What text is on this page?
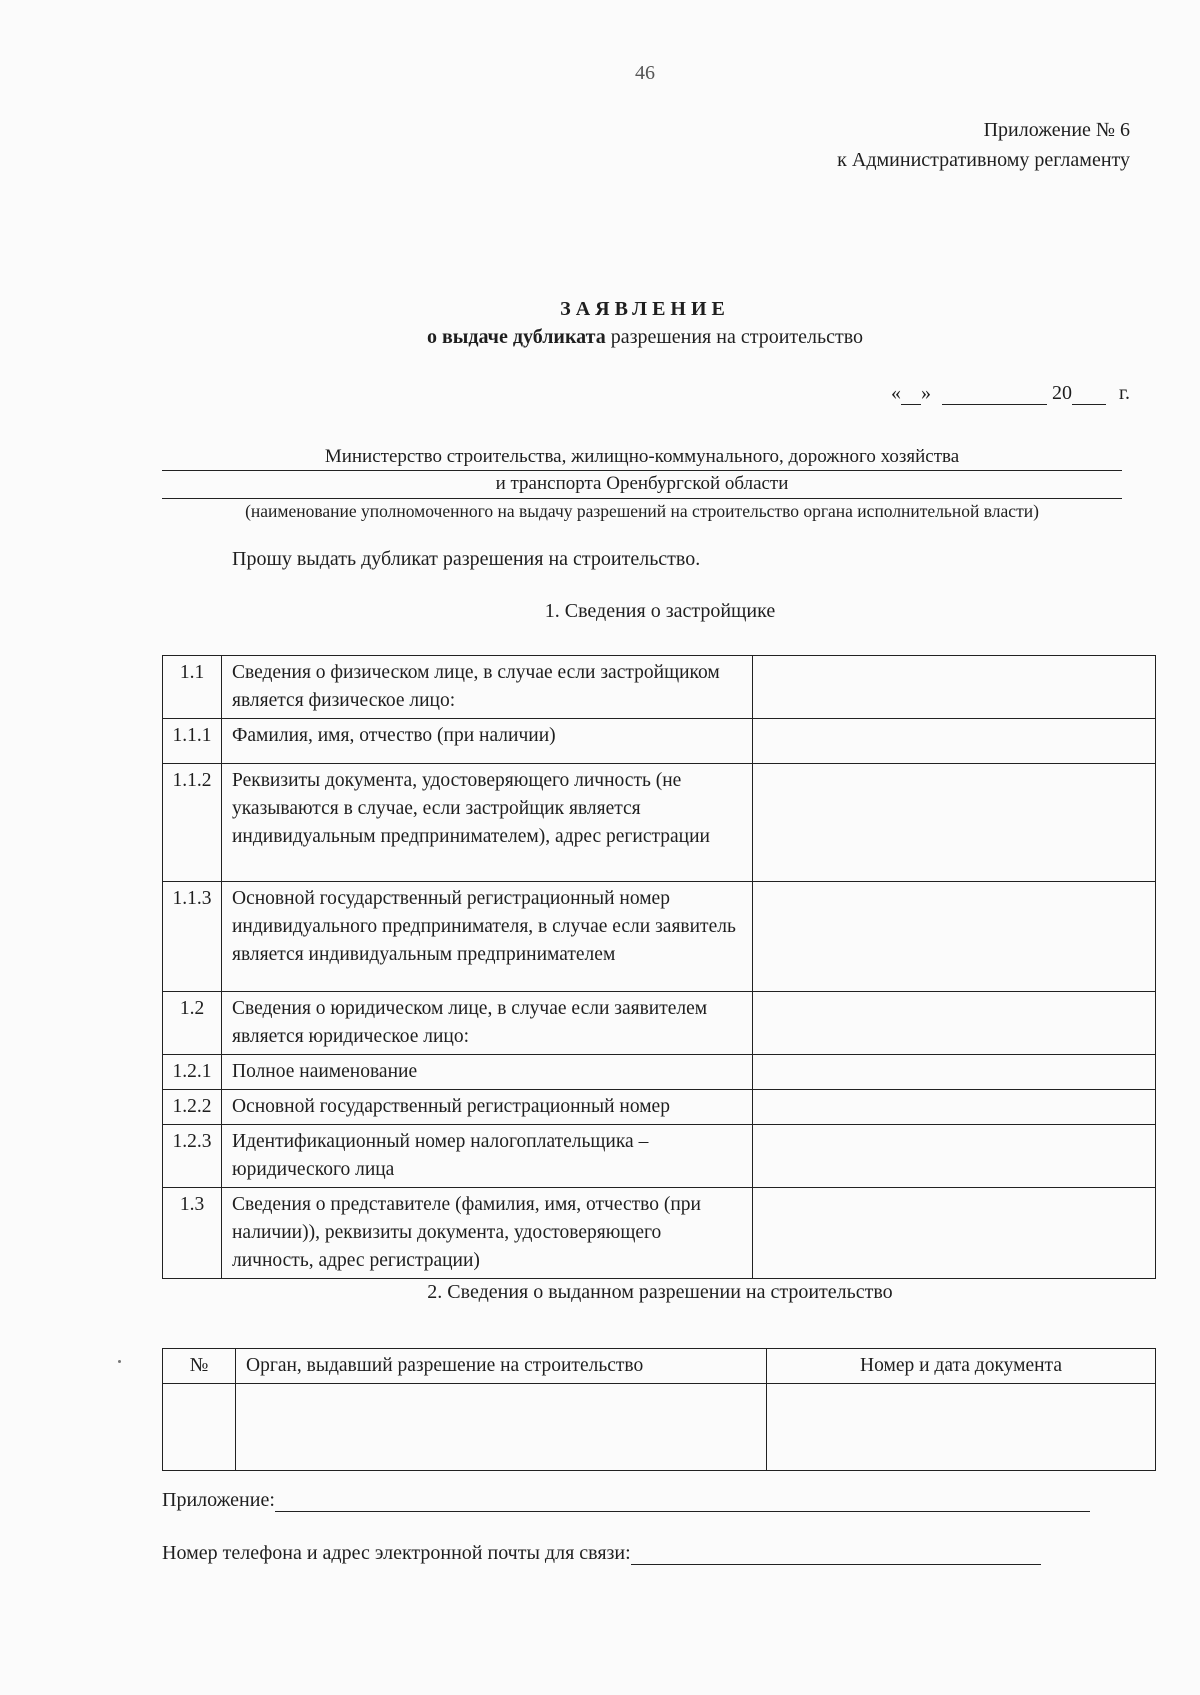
46
Приложение № 6
к Административному регламенту
ЗАЯВЛЕНИЕ
о выдаче дубликата разрешения на строительство
« »	20 г.
Министерство строительства, жилищно-коммунального, дорожного хозяйства
и транспорта Оренбургской области
(наименование уполномоченного на выдачу разрешений на строительство органа исполнительной власти)
Прошу выдать дубликат разрешения на строительство.
1. Сведения о застройщике
1.1	Сведения о физическом лице, в случае если застройщиком является физическое лицо:	
1.1.1	Фамилия, имя, отчество (при наличии)	
1.1.2	Реквизиты документа, удостоверяющего личность (не указываются в случае, если застройщик является индивидуальным предпринимателем), адрес регистрации	
1.1.3	Основной государственный регистрационный номер индивидуального предпринимателя, в случае если заявитель является индивидуальным предпринимателем	
1.2	Сведения о юридическом лице, в случае если заявителем является юридическое лицо:	
1.2.1	Полное наименование	
1.2.2	Основной государственный регистрационный номер	
1.2.3	Идентификационный номер налогоплательщика – юридического лица	
1.3	Сведения о представителе (фамилия, имя, отчество (при наличии)), реквизиты документа, удостоверяющего личность, адрес регистрации)	
2. Сведения о выданном разрешении на строительство
№	Орган, выдавший разрешение на строительство	Номер и дата документа

Приложение:
Номер телефона и адрес электронной почты для связи:
